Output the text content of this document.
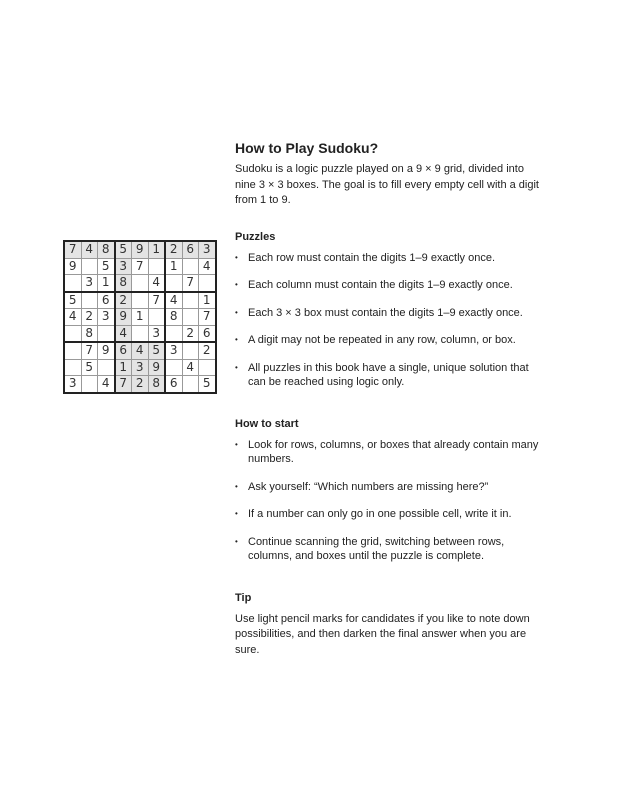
7	4	8	5	9	1	2	6	3
9		5	3	7		1		4
	3	1	8		4		7	
5		6	2		7	4		1
4	2	3	9	1		8		7
	8		4		3		2	6
	7	9	6	4	5	3		2
	5		1	3	9		4	
3		4	7	2	8	6		5
How to Play Sudoku?
Sudoku is a logic puzzle played on a 9 × 9 grid, divided into nine 3 × 3 boxes. The goal is to fill every empty cell with a digit from 1 to 9.
Puzzles
• Each row must contain the digits 1–9 exactly once.
• Each column must contain the digits 1–9 exactly once.
• Each 3 × 3 box must contain the digits 1–9 exactly once.
• A digit may not be repeated in any row, column, or box.
• All puzzles in this book have a single, unique solution that can be reached using logic only.
How to start
• Look for rows, columns, or boxes that already contain many numbers.
• Ask yourself: “Which numbers are missing here?”
• If a number can only go in one possible cell, write it in.
• Continue scanning the grid, switching between rows, columns, and boxes until the puzzle is complete.
Tip
Use light pencil marks for candidates if you like to note down possibilities, and then darken the final answer when you are sure.
